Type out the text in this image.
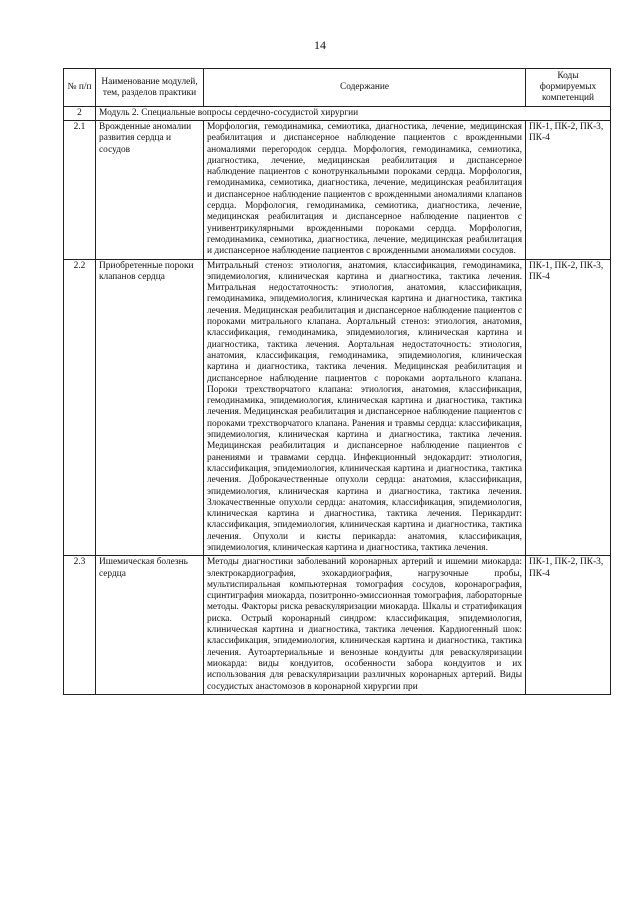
14
№ п/п	Наименование модулей, тем, разделов практики	Содержание	Коды формируемых компетенций
2	Модуль 2. Специальные вопросы сердечно-сосудистой хирургии		
2.1	Врожденные аномалии развития сердца и сосудов	Морфология, гемодинамика, семиотика, диагностика, лечение, медицинская реабилитация и диспансерное наблюдение пациентов с врожденными аномалиями перегородок сердца. Морфология, гемодинамика, семиотика, диагностика, лечение, медицинская реабилитация и диспансерное наблюдение пациентов с конотрункальными пороками сердца. Морфология, гемодинамика, семиотика, диагностика, лечение, медицинская реабилитация и диспансерное наблюдение пациентов с врожденными аномалиями клапанов сердца. Морфология, гемодинамика, семиотика, диагностика, лечение, медицинская реабилитация и диспансерное наблюдение пациентов с унивентрикулярными врожденными пороками сердца. Морфология, гемодинамика, семиотика, диагностика, лечение, медицинская реабилитация и диспансерное наблюдение пациентов с врожденными аномалиями сосудов.	ПК-1, ПК-2, ПК-3, ПК-4
2.2	Приобретенные пороки клапанов сердца	Митральный стеноз: этиология, анатомия, классификация, гемодинамика, эпидемиология, клиническая картина и диагностика, тактика лечения. Митральная недостаточность: этиология, анатомия, классификация, гемодинамика, эпидемиология, клиническая картина и диагностика, тактика лечения. Медицинская реабилитация и диспансерное наблюдение пациентов с пороками митрального клапана. Аортальный стеноз: этиология, анатомия, классификация, гемодинамика, эпидемиология, клиническая картина и диагностика, тактика лечения. Аортальная недостаточность: этиология, анатомия, классификация, гемодинамика, эпидемиология, клиническая картина и диагностика, тактика лечения. Медицинская реабилитация и диспансерное наблюдение пациентов с пороками аортального клапана. Пороки трехстворчатого клапана: этиология, анатомия, классификация, гемодинамика, эпидемиология, клиническая картина и диагностика, тактика лечения. Медицинская реабилитация и диспансерное наблюдение пациентов с пороками трехстворчатого клапана. Ранения и травмы сердца: классификация, эпидемиология, клиническая картина и диагностика, тактика лечения. Медицинская реабилитация и диспансерное наблюдение пациентов с ранениями и травмами сердца. Инфекционный эндокардит: этиология, классификация, эпидемиология, клиническая картина и диагностика, тактика лечения. Доброкачественные опухоли сердца: анатомия, классификация, эпидемиология, клиническая картина и диагностика, тактика лечения. Злокачественные опухоли сердца: анатомия, классификация, эпидемиология, клиническая картина и диагностика, тактика лечения. Перикардит: классификация, эпидемиология, клиническая картина и диагностика, тактика лечения. Опухоли и кисты перикарда: анатомия, классификация, эпидемиология, клиническая картина и диагностика, тактика лечения.	ПК-1, ПК-2, ПК-3, ПК-4
2.3	Ишемическая болезнь сердца	Методы диагностики заболеваний коронарных артерий и ишемии миокарда: электрокардиография, эхокардиография, нагрузочные пробы, мультиспиральная компьютерная томография сосудов, коронарография, сцинтиграфия миокарда, позитронно-эмиссионная томография, лабораторные методы. Факторы риска реваскуляризации миокарда. Шкалы и стратификация риска. Острый коронарный синдром: классификация, эпидемиология, клиническая картина и диагностика, тактика лечения. Кардиогенный шок: классификация, эпидемиология, клиническая картина и диагностика, тактика лечения. Аутоартериальные и венозные кондуиты для реваскуляризации миокарда: виды кондуитов, особенности забора кондуитов и их использования для реваскуляризации различных коронарных артерий. Виды сосудистых анастомозов в коронарной хирургии при	ПК-1, ПК-2, ПК-3, ПК-4
